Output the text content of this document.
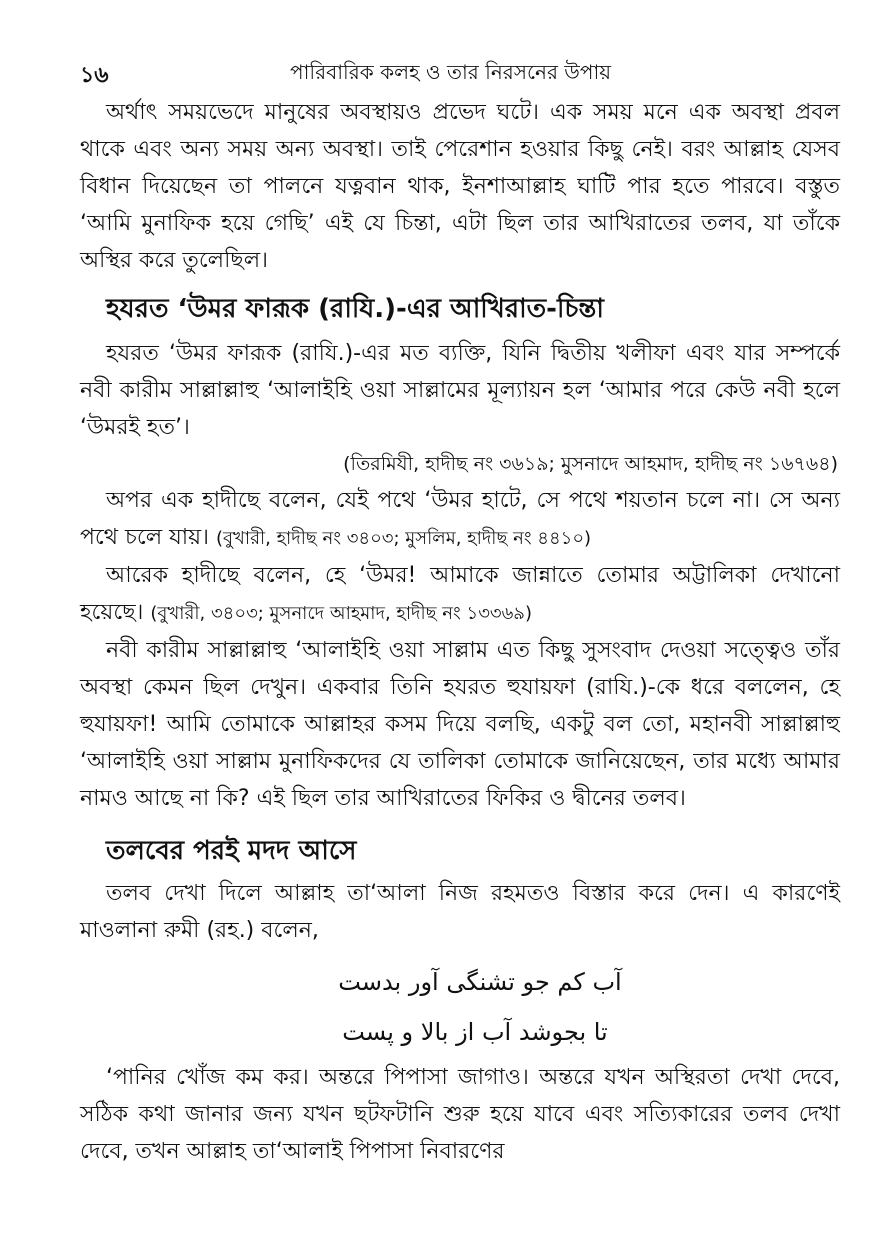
১৬	পারিবারিক কলহ ও তার নিরসনের উপায়

অর্থাৎ সময়ভেদে মানুষের অবস্থায়ও প্রভেদ ঘটে। এক সময় মনে এক অবস্থা প্রবল থাকে এবং অন্য সময় অন্য অবস্থা। তাই পেরেশান হওয়ার কিছু নেই। বরং আল্লাহ যেসব বিধান দিয়েছেন তা পালনে যত্নবান থাক, ইনশাআল্লাহ ঘাটি পার হতে পারবে। বস্তুত ‘আমি মুনাফিক হয়ে গেছি’ এই যে চিন্তা, এটা ছিল তার আখিরাতের তলব, যা তাঁকে অস্থির করে তুলেছিল।

হযরত ‘উমর ফারূক (রাযি.)-এর আখিরাত-চিন্তা

হযরত ‘উমর ফারূক (রাযি.)-এর মত ব্যক্তি, যিনি দ্বিতীয় খলীফা এবং যার সম্পর্কে নবী কারীম সাল্লাল্লাহু ‘আলাইহি ওয়া সাল্লামের মূল্যায়ন হল ‘আমার পরে কেউ নবী হলে ‘উমরই হত’।

(তিরমিযী, হাদীছ নং ৩৬১৯; মুসনাদে আহমাদ, হাদীছ নং ১৬৭৬৪)

অপর এক হাদীছে বলেন, যেই পথে ‘উমর হাটে, সে পথে শয়তান চলে না। সে অন্য পথে চলে যায়। (বুখারী, হাদীছ নং ৩৪০৩; মুসলিম, হাদীছ নং ৪৪১০)

আরেক হাদীছে বলেন, হে ‘উমর! আমাকে জান্নাতে তোমার অট্টালিকা দেখানো হয়েছে। (বুখারী, ৩৪০৩; মুসনাদে আহমাদ, হাদীছ নং ১৩৩৬৯)

নবী কারীম সাল্লাল্লাহু ‘আলাইহি ওয়া সাল্লাম এত কিছু সুসংবাদ দেওয়া সত্ত্বেও তাঁর অবস্থা কেমন ছিল দেখুন। একবার তিনি হযরত হুযায়ফা (রাযি.)-কে ধরে বললেন, হে হুযায়ফা! আমি তোমাকে আল্লাহর কসম দিয়ে বলছি, একটু বল তো, মহানবী সাল্লাল্লাহু ‘আলাইহি ওয়া সাল্লাম মুনাফিকদের যে তালিকা তোমাকে জানিয়েছেন, তার মধ্যে আমার নামও আছে না কি? এই ছিল তার আখিরাতের ফিকির ও দ্বীনের তলব।

তলবের পরই মদদ আসে

তলব দেখা দিলে আল্লাহ তা‘আলা নিজ রহমতও বিস্তার করে দেন। এ কারণেই মাওলানা রুমী (রহ.) বলেন,

آب کم جو تشنگی آور بدست

تا بجوشد آب از بالا و پست

‘পানির খোঁজ কম কর। অন্তরে পিপাসা জাগাও। অন্তরে যখন অস্থিরতা দেখা দেবে, সঠিক কথা জানার জন্য যখন ছটফটানি শুরু হয়ে যাবে এবং সত্যিকারের তলব দেখা দেবে, তখন আল্লাহ তা‘আলাই পিপাসা নিবারণের
